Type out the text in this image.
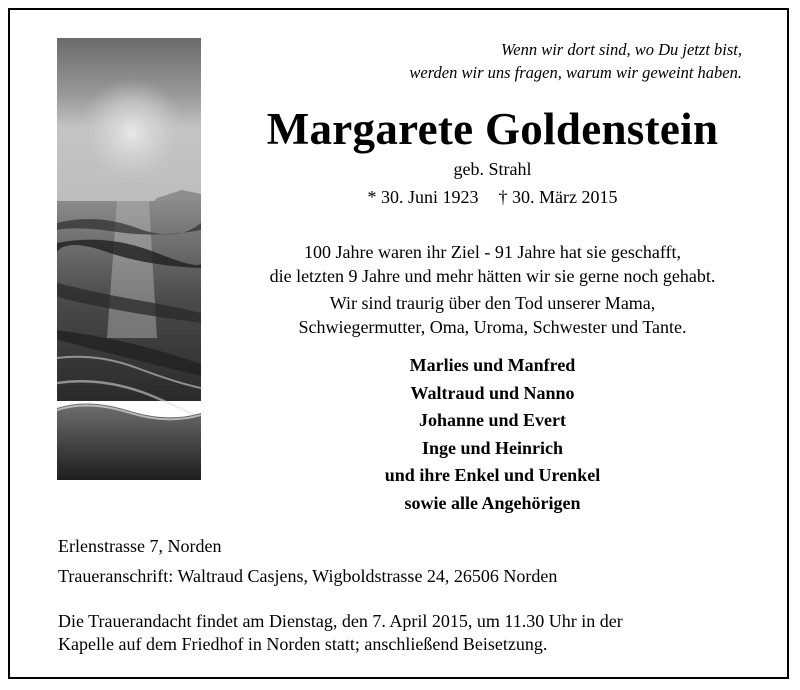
Wenn wir dort sind, wo Du jetzt bist,
werden wir uns fragen, warum wir geweint haben.
Margarete Goldenstein
geb. Strahl
* 30. Juni 1923 † 30. März 2015
100 Jahre waren ihr Ziel - 91 Jahre hat sie geschafft,
die letzten 9 Jahre und mehr hätten wir sie gerne noch gehabt.
Wir sind traurig über den Tod unserer Mama,
Schwiegermutter, Oma, Uroma, Schwester und Tante.
Marlies und Manfred
Waltraud und Nanno
Johanne und Evert
Inge und Heinrich
und ihre Enkel und Urenkel
sowie alle Angehörigen
Erlenstrasse 7, Norden
Traueranschrift: Waltraud Casjens, Wigboldstrasse 24, 26506 Norden
Die Trauerandacht findet am Dienstag, den 7. April 2015, um 11.30 Uhr in der
Kapelle auf dem Friedhof in Norden statt; anschließend Beisetzung.
